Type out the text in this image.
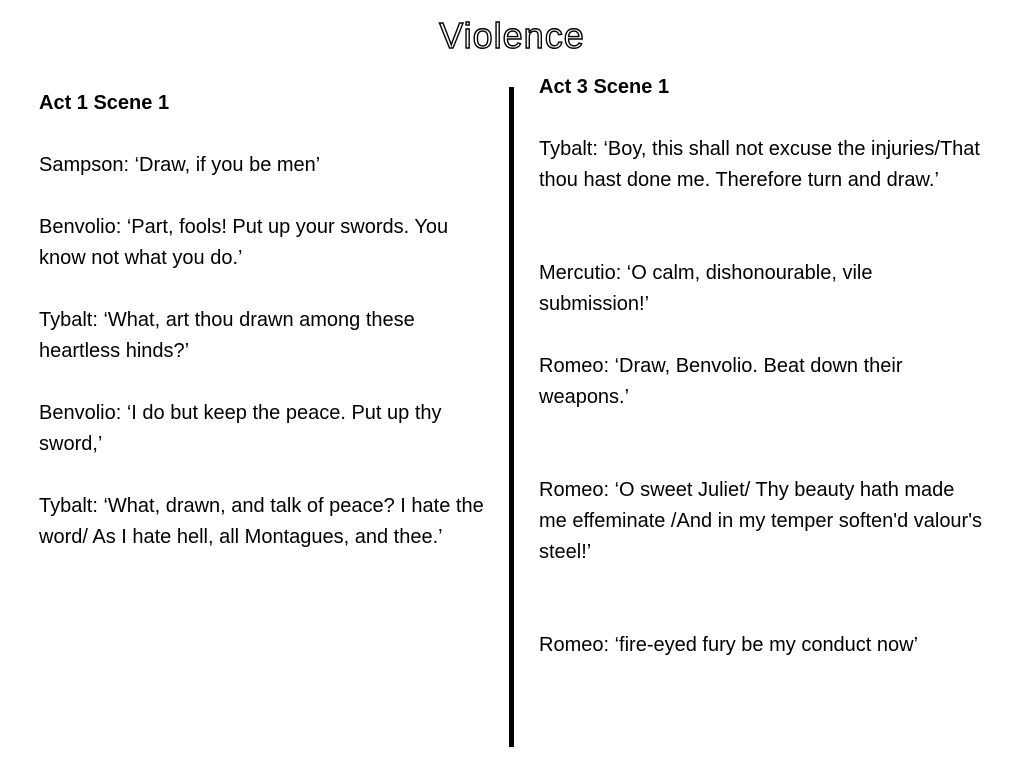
Violence

Act 1 Scene 1

Sampson: ‘Draw, if you be men’

Benvolio: ‘Part, fools! Put up your swords. You know not what you do.’

Tybalt: ‘What, art thou drawn among these heartless hinds?’

Benvolio: ‘I do but keep the peace. Put up thy sword,’

Tybalt: ‘What, drawn, and talk of peace? I hate the word/ As I hate hell, all Montagues, and thee.’

Act 3 Scene 1

Tybalt: ‘Boy, this shall not excuse the injuries/That thou hast done me. Therefore turn and draw.’

Mercutio: ‘O calm, dishonourable, vile submission!’

Romeo: ‘Draw, Benvolio. Beat down their weapons.’

Romeo: ‘O sweet Juliet/ Thy beauty hath made me effeminate /And in my temper soften'd valour's steel!’

Romeo: ‘fire-eyed fury be my conduct now’
